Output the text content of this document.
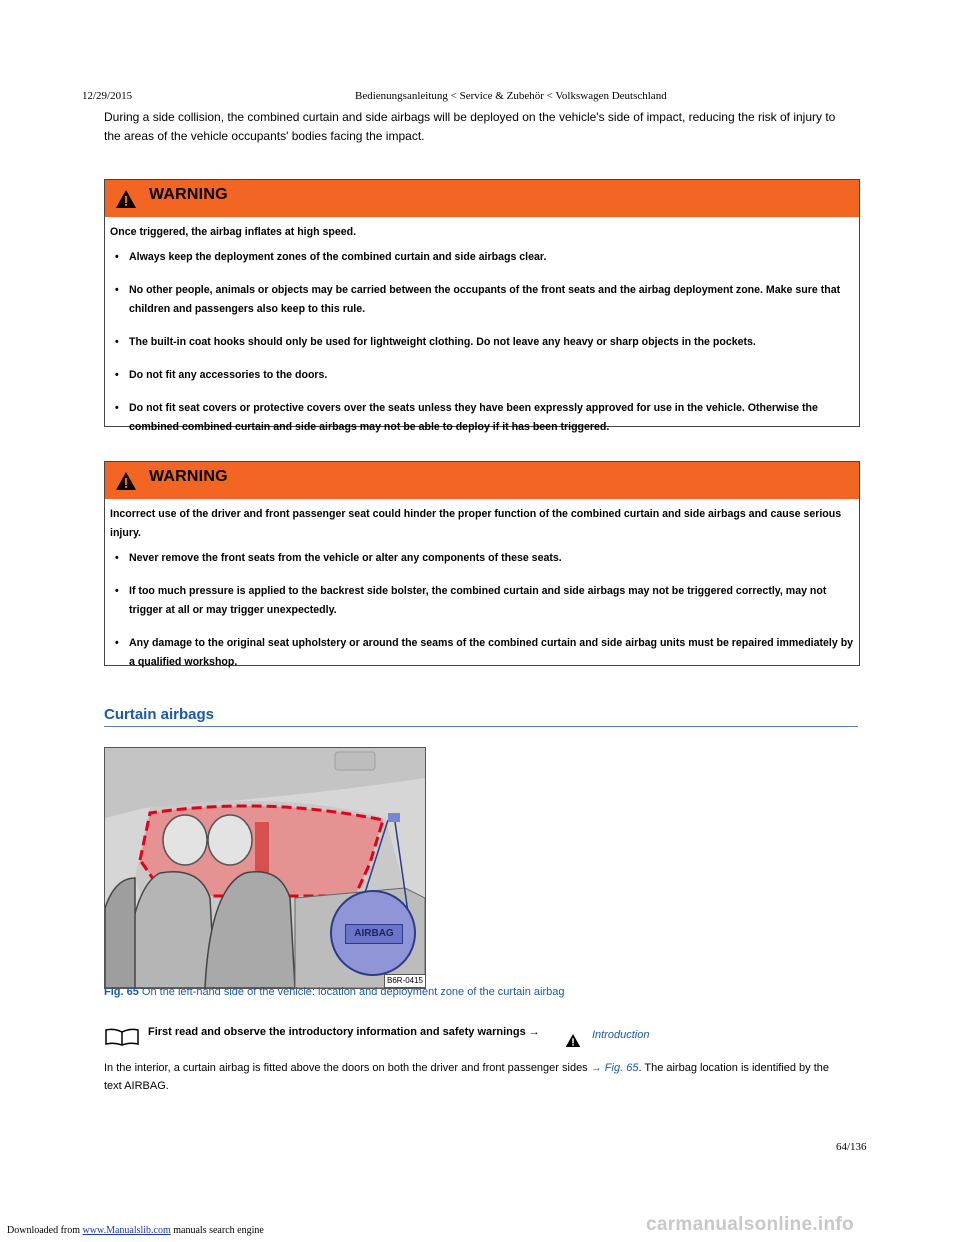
12/29/2015	Bedienungsanleitung < Service & Zubehör < Volkswagen Deutschland
During a side collision, the combined curtain and side airbags will be deployed on the vehicle's side of impact, reducing the risk of injury to the areas of the vehicle occupants' bodies facing the impact.
WARNING
Once triggered, the airbag inflates at high speed.
• Always keep the deployment zones of the combined curtain and side airbags clear.
• No other people, animals or objects may be carried between the occupants of the front seats and the airbag deployment zone. Make sure that children and passengers also keep to this rule.
• The built-in coat hooks should only be used for lightweight clothing. Do not leave any heavy or sharp objects in the pockets.
• Do not fit any accessories to the doors.
• Do not fit seat covers or protective covers over the seats unless they have been expressly approved for use in the vehicle. Otherwise the combined combined curtain and side airbags may not be able to deploy if it has been triggered.
WARNING
Incorrect use of the driver and front passenger seat could hinder the proper function of the combined curtain and side airbags and cause serious injury.
• Never remove the front seats from the vehicle or alter any components of these seats.
• If too much pressure is applied to the backrest side bolster, the combined curtain and side airbags may not be triggered correctly, may not trigger at all or may trigger unexpectedly.
• Any damage to the original seat upholstery or around the seams of the combined curtain and side airbag units must be repaired immediately by a qualified workshop.
Curtain airbags
AIRBAG
B6R-0415
Fig. 65 On the left-hand side of the vehicle: location and deployment zone of the curtain airbag
First read and observe the introductory information and safety warnings →	Introduction
In the interior, a curtain airbag is fitted above the doors on both the driver and front passenger sides → Fig. 65. The airbag location is identified by the text AIRBAG.
64/136
Downloaded from www.Manualslib.com manuals search engine	carmanualsonline.info
